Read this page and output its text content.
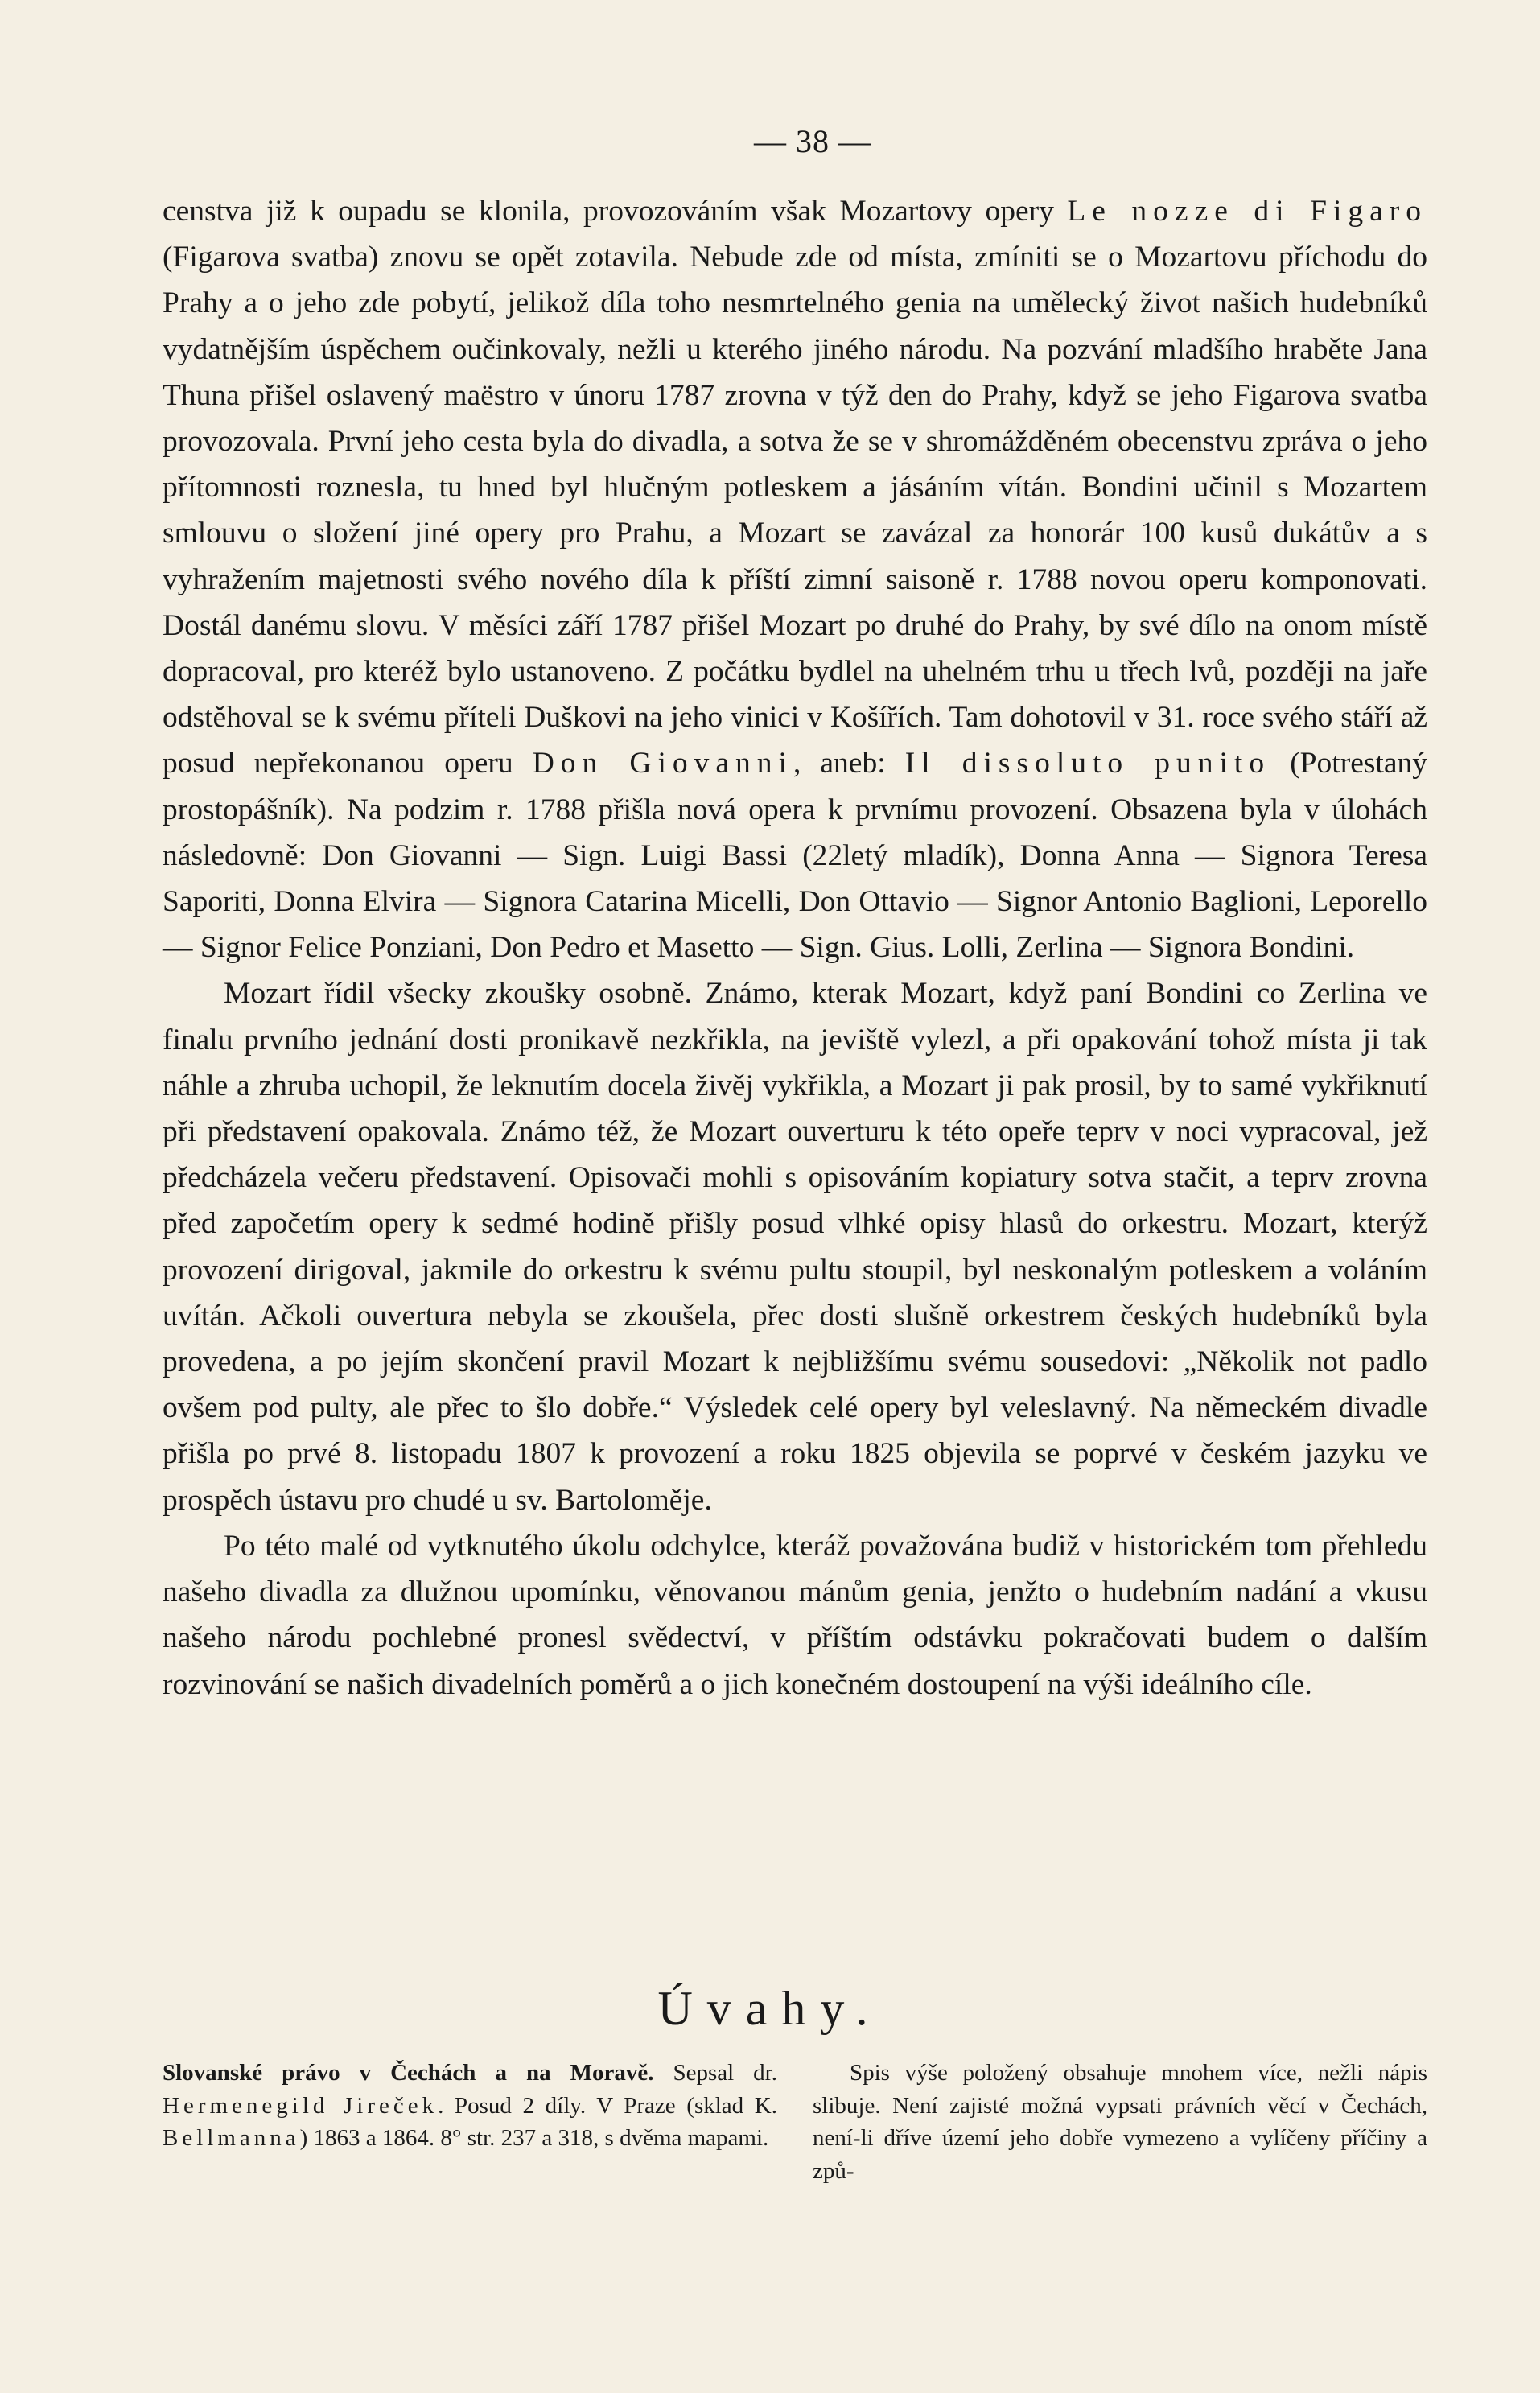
— 38 —

censtva již k oupadu se klonila, provozováním však Mozartovy opery Le nozze di Figaro (Figarova svatba) znovu se opět zotavila. Nebude zde od místa, zmíniti se o Mozartovu příchodu do Prahy a o jeho zde pobytí, jelikož díla toho nesmrtelného genia na umělecký život našich hudebníků vydatnějším úspěchem oučinkovaly, nežli u kterého jiného národu. Na pozvání mladšího hraběte Jana Thuna přišel oslavený maëstro v únoru 1787 zrovna v týž den do Prahy, když se jeho Figarova svatba provozovala. První jeho cesta byla do divadla, a sotva že se v shromážděném obecenstvu zpráva o jeho přítomnosti roznesla, tu hned byl hlučným potleskem a jásáním vítán. Bondini učinil s Mozartem smlouvu o složení jiné opery pro Prahu, a Mozart se zavázal za honorár 100 kusů dukátův a s vyhražením majetnosti svého nového díla k příští zimní saisoně r. 1788 novou operu komponovati. Dostál danému slovu. V měsíci září 1787 přišel Mozart po druhé do Prahy, by své dílo na onom místě dopracoval, pro kteréž bylo ustanoveno. Z počátku bydlel na uhelném trhu u třech lvů, později na jaře odstěhoval se k svému příteli Duškovi na jeho vinici v Košířích. Tam dohotovil v 31. roce svého stáří až posud nepřekonanou operu Don Giovanni, aneb: Il dissoluto punito (Potrestaný prostopášník). Na podzim r. 1788 přišla nová opera k prvnímu provození. Obsazena byla v úlohách následovně: Don Giovanni — Sign. Luigi Bassi (22letý mladík), Donna Anna — Signora Teresa Saporiti, Donna Elvira — Signora Catarina Micelli, Don Ottavio — Signor Antonio Baglioni, Leporello — Signor Felice Ponziani, Don Pedro et Masetto — Sign. Gius. Lolli, Zerlina — Signora Bondini.

Mozart řídil všecky zkoušky osobně. Známo, kterak Mozart, když paní Bondini co Zerlina ve finalu prvního jednání dosti pronikavě nezkřikla, na jeviště vylezl, a při opakování tohož místa ji tak náhle a zhruba uchopil, že leknutím docela živěj vykřikla, a Mozart ji pak prosil, by to samé vykřiknutí při představení opakovala. Známo též, že Mozart ouverturu k této opeře teprv v noci vypracoval, jež předcházela večeru představení. Opisovači mohli s opisováním kopiatury sotva stačit, a teprv zrovna před započetím opery k sedmé hodině přišly posud vlhké opisy hlasů do orkestru. Mozart, kterýž provození dirigoval, jakmile do orkestru k svému pultu stoupil, byl neskonalým potleskem a voláním uvítán. Ačkoli ouvertura nebyla se zkoušela, přec dosti slušně orkestrem českých hudebníků byla provedena, a po jejím skončení pravil Mozart k nejbližšímu svému sousedovi: „Několik not padlo ovšem pod pulty, ale přec to šlo dobře.“ Výsledek celé opery byl veleslavný. Na německém divadle přišla po prvé 8. listopadu 1807 k provození a roku 1825 objevila se poprvé v českém jazyku ve prospěch ústavu pro chudé u sv. Bartoloměje.

Po této malé od vytknutého úkolu odchylce, kteráž považována budiž v historickém tom přehledu našeho divadla za dlužnou upomínku, věnovanou mánům genia, jenžto o hudebním nadání a vkusu našeho národu pochlebné pronesl svědectví, v příštím odstávku pokračovati budem o dalším rozvinování se našich divadelních poměrů a o jich konečném dostoupení na výši ideálního cíle.

Úvahy.

Slovanské právo v Čechách a na Moravě. Sepsal dr. Hermenegild Jireček. Posud 2 díly. V Praze (sklad K. Bellmanna) 1863 a 1864. 8° str. 237 a 318, s dvěma mapami.

Spis výše položený obsahuje mnohem více, nežli nápis slibuje. Není zajisté možná vypsati právních věcí v Čechách, není-li dříve území jeho dobře vymezeno a vylíčeny příčiny a způ-
